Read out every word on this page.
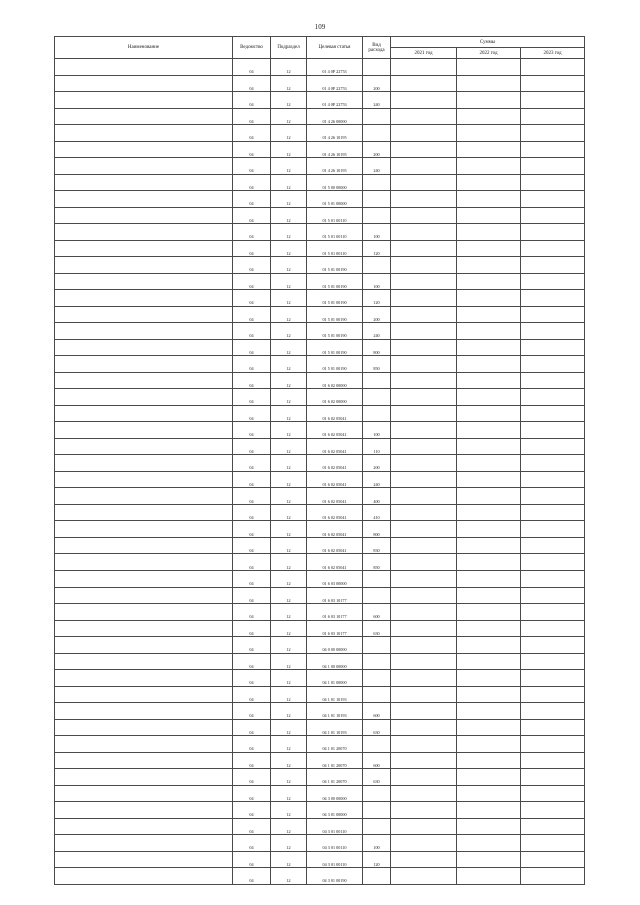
109
Наименование	Ведомство	Подраздел	Целевая статья	Вид расхода	Суммы		
					2021 год	2022 год	2023 год
	04	12	01 4 0Р 22753				
	04	12	01 4 0Р 22753	200			
	04	12	01 4 0Р 22753	240			
	04	12	01 4 26 00000				
	04	12	01 4 26 10195				
	04	12	01 4 26 10195	200			
	04	12	01 4 26 10195	240			
	04	12	01 5 00 00000				
	04	12	01 5 01 00000				
	04	12	01 5 01 00110				
	04	12	01 5 01 00110	100			
	04	12	01 5 01 00110	120			
	04	12	01 5 01 00190				
	04	12	01 5 01 00190	100			
	04	12	01 5 01 00190	120			
	04	12	01 5 01 00190	200			
	04	12	01 5 01 00190	240			
	04	12	01 5 01 00190	800			
	04	12	01 5 01 00190	850			
	04	12	01 6 02 00000				
	04	12	01 6 02 00000				
	04	12	01 6 02 05041				
	04	12	01 6 02 05041	100			
	04	12	01 6 02 05041	110			
	04	12	01 6 02 05041	200			
	04	12	01 6 02 05041	240			
	04	12	01 6 02 05041	400			
	04	12	01 6 02 05041	410			
	04	12	01 6 02 05041	800			
	04	12	01 6 02 05041	830			
	04	12	01 6 02 05041	850			
	04	12	01 6 03 00000				
	04	12	01 6 03 10177				
	04	12	01 6 03 10177	600			
	04	12	01 6 03 10177	630			
	04	12	04 0 00 00000				
	04	12	04 1 00 00000				
	04	12	04 1 01 00000				
	04	12	04 1 01 10193				
	04	12	04 1 01 10193	600			
	04	12	04 1 01 10193	630			
	04	12	04 1 01 20070				
	04	12	04 1 01 20070	600			
	04	12	04 1 01 20070	630			
	04	12	04 3 00 00000				
	04	12	04 3 01 00000				
	04	12	04 3 01 00110				
	04	12	04 3 01 00110	100			
	04	12	04 3 01 00110	120			
	04	12	04 3 01 00190				
